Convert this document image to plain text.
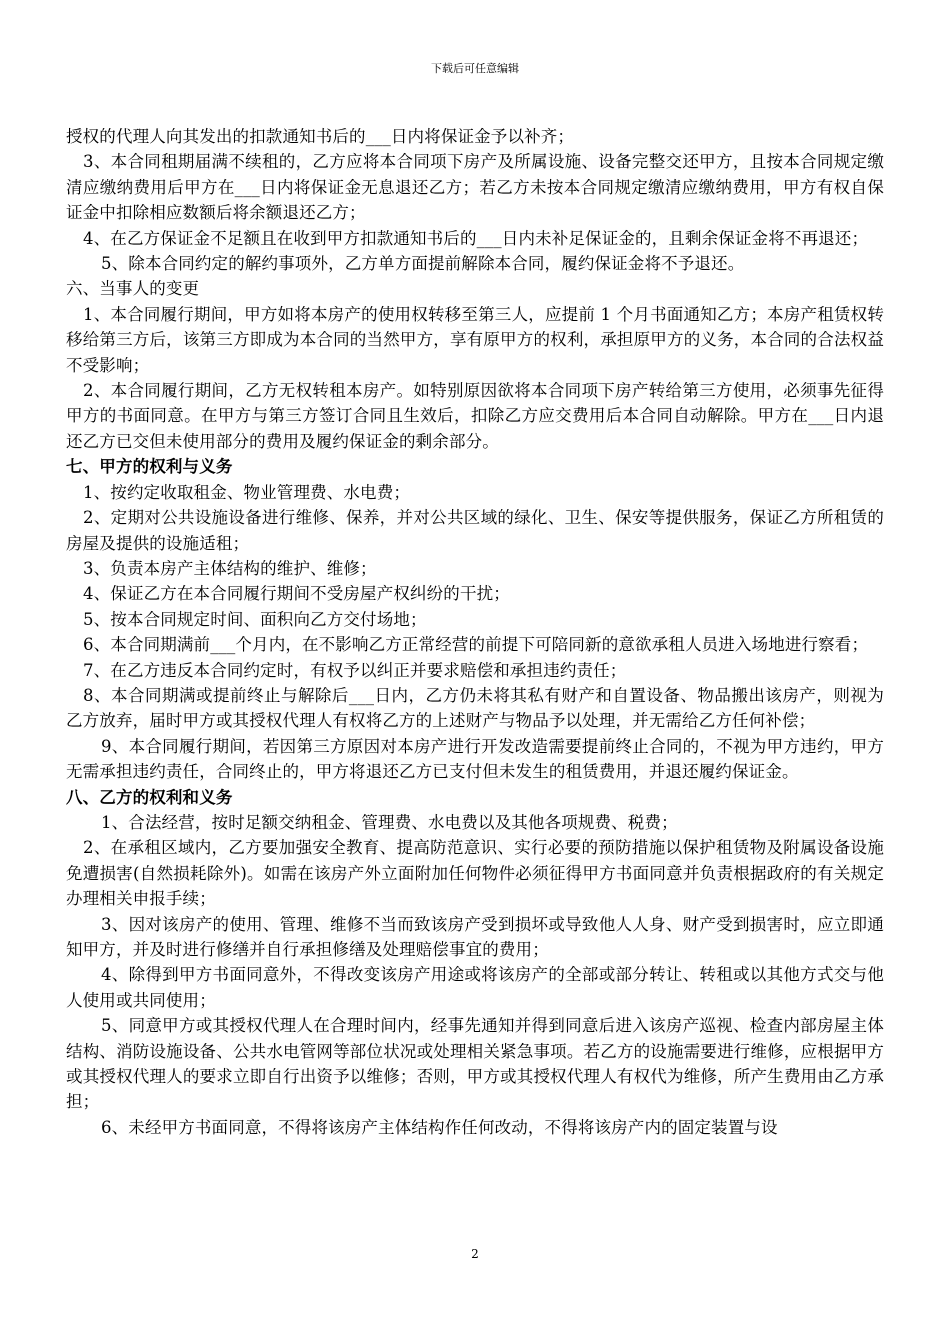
下载后可任意编辑

授权的代理人向其发出的扣款通知书后的___日内将保证金予以补齐；

3、本合同租期届满不续租的，乙方应将本合同项下房产及所属设施、设备完整交还甲方，且按本合同规定缴清应缴纳费用后甲方在___日内将保证金无息退还乙方；若乙方未按本合同规定缴清应缴纳费用，甲方有权自保证金中扣除相应数额后将余额退还乙方；

4、在乙方保证金不足额且在收到甲方扣款通知书后的___日内未补足保证金的，且剩余保证金将不再退还；

5、除本合同约定的解约事项外，乙方单方面提前解除本合同，履约保证金将不予退还。

六、当事人的变更

1、本合同履行期间，甲方如将本房产的使用权转移至第三人，应提前 1 个月书面通知乙方；本房产租赁权转移给第三方后，该第三方即成为本合同的当然甲方，享有原甲方的权利，承担原甲方的义务，本合同的合法权益不受影响；

2、本合同履行期间，乙方无权转租本房产。如特别原因欲将本合同项下房产转给第三方使用，必须事先征得甲方的书面同意。在甲方与第三方签订合同且生效后，扣除乙方应交费用后本合同自动解除。甲方在___日内退还乙方已交但未使用部分的费用及履约保证金的剩余部分。

七、甲方的权利与义务

1、按约定收取租金、物业管理费、水电费；

2、定期对公共设施设备进行维修、保养，并对公共区域的绿化、卫生、保安等提供服务，保证乙方所租赁的房屋及提供的设施适租；

3、负责本房产主体结构的维护、维修；

4、保证乙方在本合同履行期间不受房屋产权纠纷的干扰；

5、按本合同规定时间、面积向乙方交付场地；

6、本合同期满前___个月内，在不影响乙方正常经营的前提下可陪同新的意欲承租人员进入场地进行察看；

7、在乙方违反本合同约定时，有权予以纠正并要求赔偿和承担违约责任；

8、本合同期满或提前终止与解除后___日内，乙方仍未将其私有财产和自置设备、物品搬出该房产，则视为乙方放弃，届时甲方或其授权代理人有权将乙方的上述财产与物品予以处理，并无需给乙方任何补偿；

9、本合同履行期间，若因第三方原因对本房产进行开发改造需要提前终止合同的，不视为甲方违约，甲方无需承担违约责任，合同终止的，甲方将退还乙方已支付但未发生的租赁费用，并退还履约保证金。

八、乙方的权利和义务

1、合法经营，按时足额交纳租金、管理费、水电费以及其他各项规费、税费；

2、在承租区域内，乙方要加强安全教育、提高防范意识、实行必要的预防措施以保护租赁物及附属设备设施免遭损害(自然损耗除外)。如需在该房产外立面附加任何物件必须征得甲方书面同意并负责根据政府的有关规定办理相关申报手续；

3、因对该房产的使用、管理、维修不当而致该房产受到损坏或导致他人人身、财产受到损害时，应立即通知甲方，并及时进行修缮并自行承担修缮及处理赔偿事宜的费用；

4、除得到甲方书面同意外，不得改变该房产用途或将该房产的全部或部分转让、转租或以其他方式交与他人使用或共同使用；

5、同意甲方或其授权代理人在合理时间内，经事先通知并得到同意后进入该房产巡视、检查内部房屋主体结构、消防设施设备、公共水电管网等部位状况或处理相关紧急事项。若乙方的设施需要进行维修，应根据甲方或其授权代理人的要求立即自行出资予以维修；否则，甲方或其授权代理人有权代为维修，所产生费用由乙方承担；

6、未经甲方书面同意，不得将该房产主体结构作任何改动，不得将该房产内的固定装置与设

2
